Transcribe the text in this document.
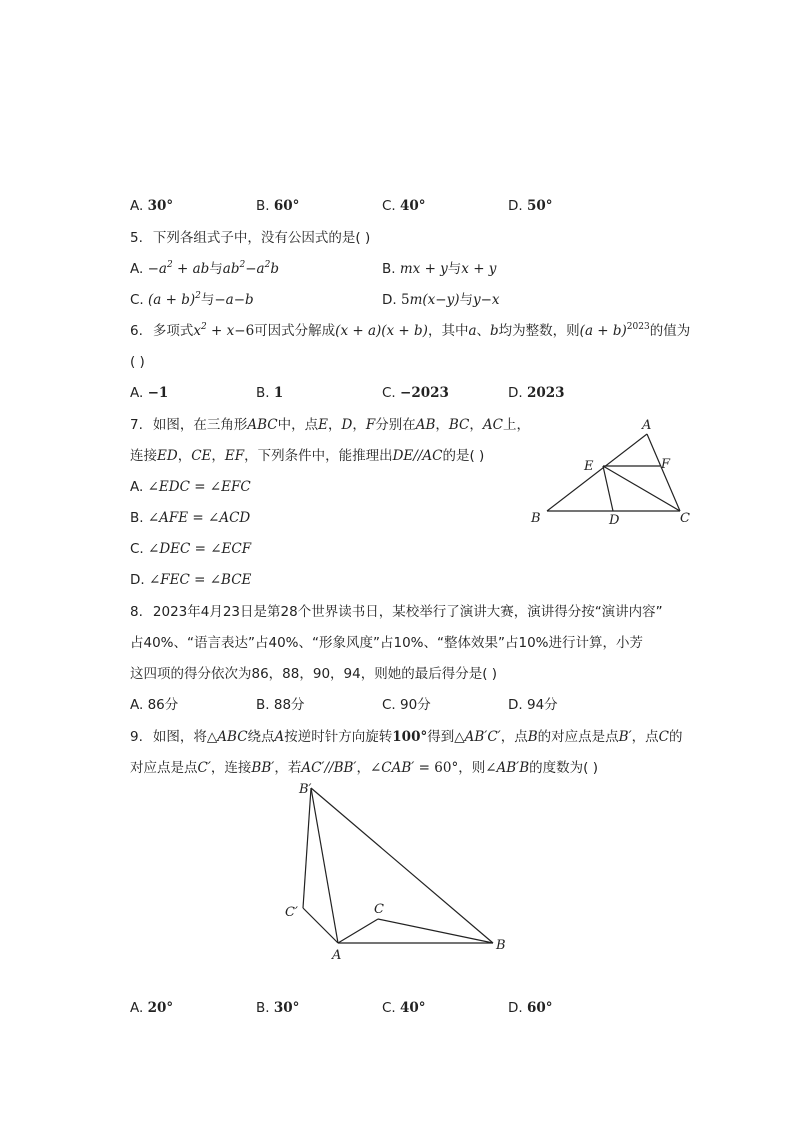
A. 30°	B. 60°	C. 40°	D. 50°
5. 下列各组式子中，没有公因式的是( )
A. $-a^2$ + ab与$ab^2-a^2b$	B. mx + y与x + y
C. $(a + b)^2$与−a−b	D. 5m(x−y)与y−x
6. 多项式$x^2 + x-6$可因式分解成(x + a)(x + b)，其中a、b均为整数，则$(a + b)^{2023}$的值为
( )
A. −1	B. 1	C. −2023	D. 2023
7. 如图，在三角形ABC中，点E，D，F分别在AB，BC，AC上，
连接ED，CE，EF，下列条件中，能推理出DE//AC的是( )
A. ∠EDC = ∠EFC
B. ∠AFE = ∠ACD
C. ∠DEC = ∠ECF
D. ∠FEC = ∠BCE
A
B	C
D
E	F
8. 2023年4月23日是第28个世界读书日，某校举行了演讲大赛，演讲得分按“演讲内容”
占40%、“语言表达”占40%、“形象风度”占10%、“整体效果”占10%进行计算，小芳
这四项的得分依次为86，88，90，94，则她的最后得分是( )
A. 86分	B. 88分	C. 90分	D. 94分
9. 如图，将△ABC绕点A按逆时针方向旋转100°得到△AB′C′，点B的对应点是点B′，点C的
对应点是点C′，连接BB′，若AC′//BB′，∠CAB′ = 60°，则∠AB′B的度数为( )
B′
C′
A
B
C
A. 20°	B. 30°	C. 40°	D. 60°
